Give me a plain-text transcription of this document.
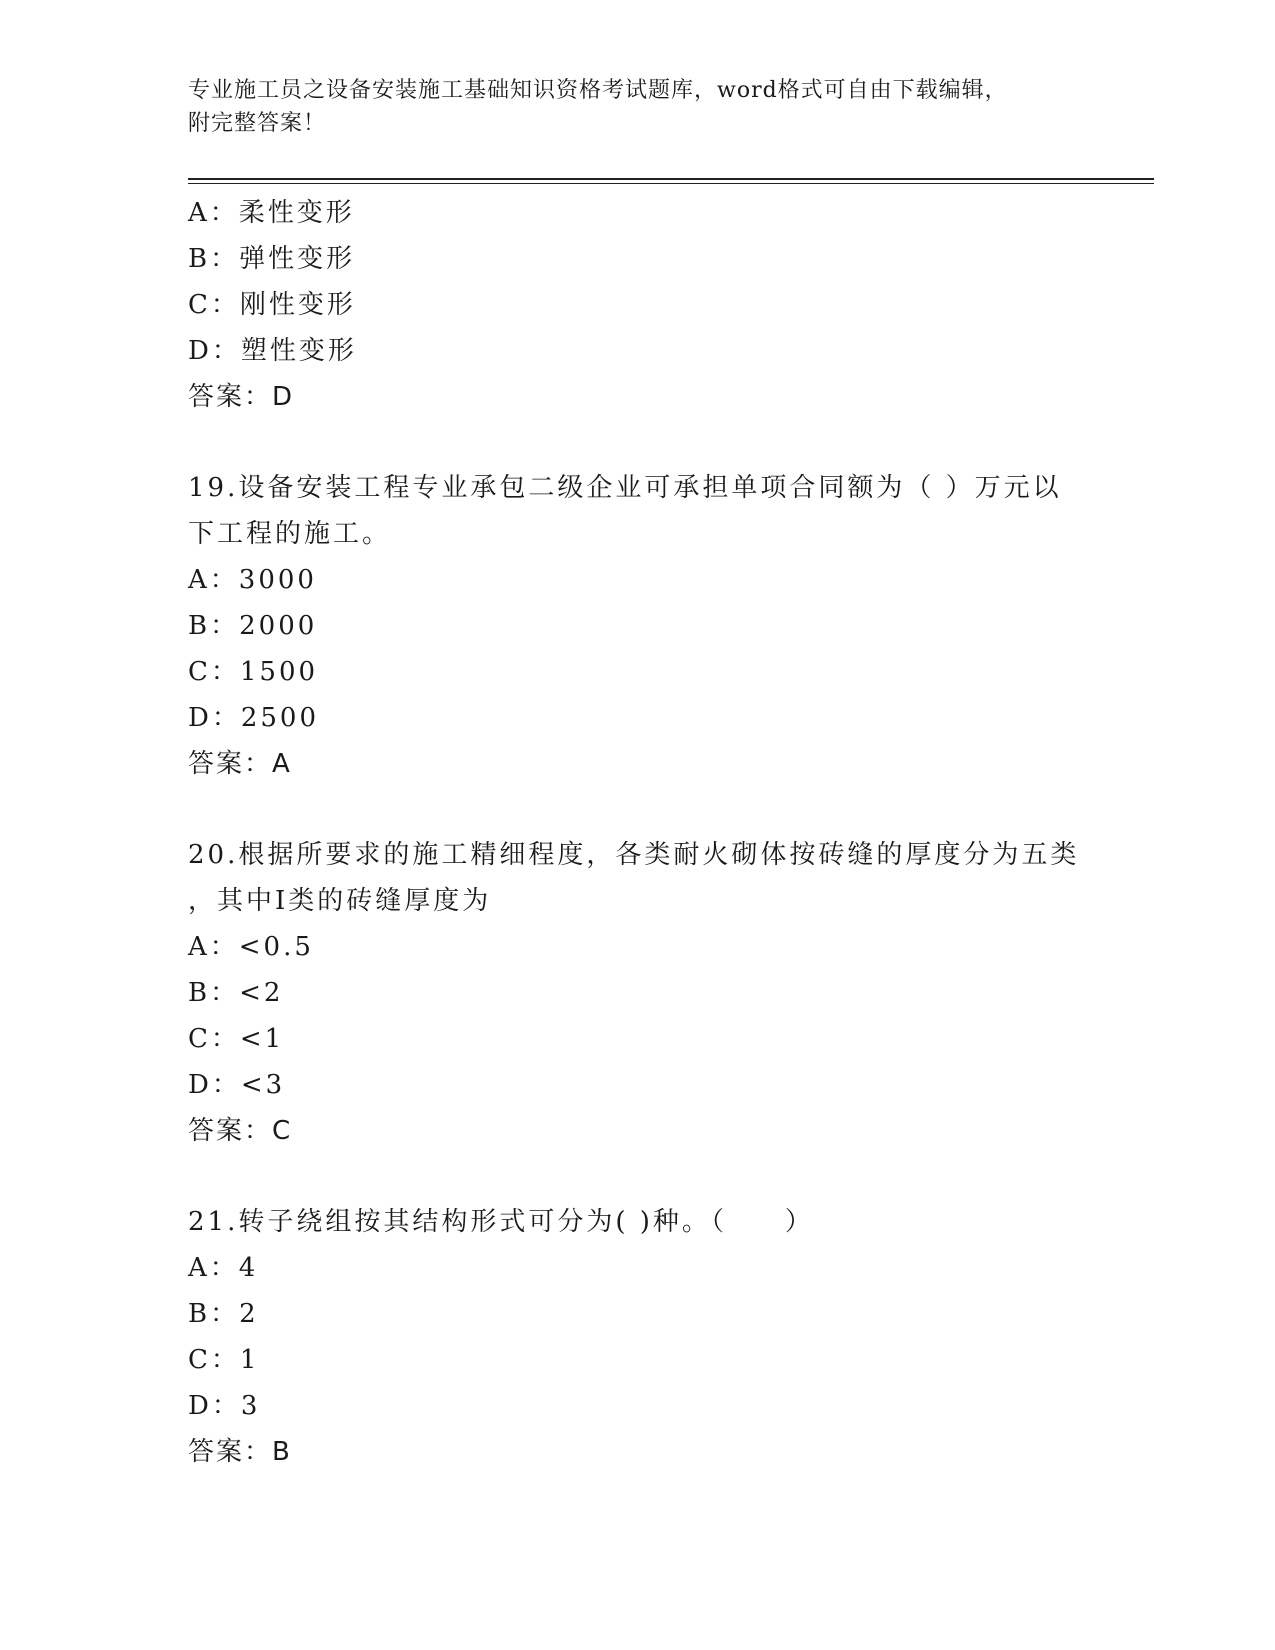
专业施工员之设备安装施工基础知识资格考试题库，word格式可自由下载编辑，
附完整答案！
A：柔性变形
B：弹性变形
C：刚性变形
D：塑性变形
答案：D
19.设备安装工程专业承包二级企业可承担单项合同额为（ ）万元以
下工程的施工。
A：3000
B：2000
C：1500
D：2500
答案：A
20.根据所要求的施工精细程度，各类耐火砌体按砖缝的厚度分为五类
，其中Ⅰ类的砖缝厚度为
A：<0.5
B：<2
C：<1
D：<3
答案：C
21.转子绕组按其结构形式可分为( )种。（　　）
A：4
B：2
C：1
D：3
答案：B
